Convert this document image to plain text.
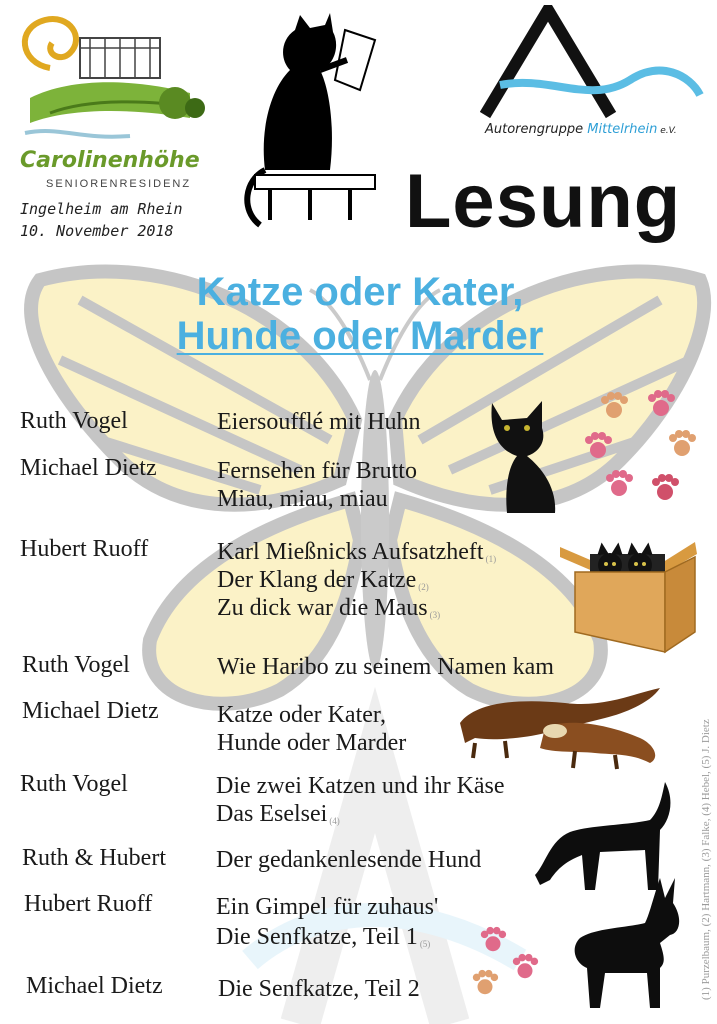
Carolinenhöhe
SENIORENRESIDENZ
Ingelheim am Rhein
10. November 2018
Autorengruppe Mittelrhein e.V.
Lesung
Katze oder Kater,
Hunde oder Marder
Ruth Vogel	Eiersoufflé mit Huhn
Michael Dietz	Fernsehen für Brutto
Miau, miau, miau
Hubert Ruoff	Karl Mießnicks Aufsatzheft (1)
Der Klang der Katze (2)
Zu dick war die Maus (3)
Ruth Vogel	Wie Haribo zu seinem Namen kam
Michael Dietz Katze oder Kater,
Hunde oder Marder
Ruth Vogel	Die zwei Katzen und ihr Käse
Das Eselsei (4)
Ruth & Hubert Der gedankenlesende Hund
Hubert Ruoff	Ein Gimpel für zuhaus'
Die Senfkatze, Teil 1 (5)
Michael Dietz Die Senfkatze, Teil 2	(1) Purzelbaum, (2) Hartmann, (3) Falke, (4) Hebel, (5) J. Dietz
